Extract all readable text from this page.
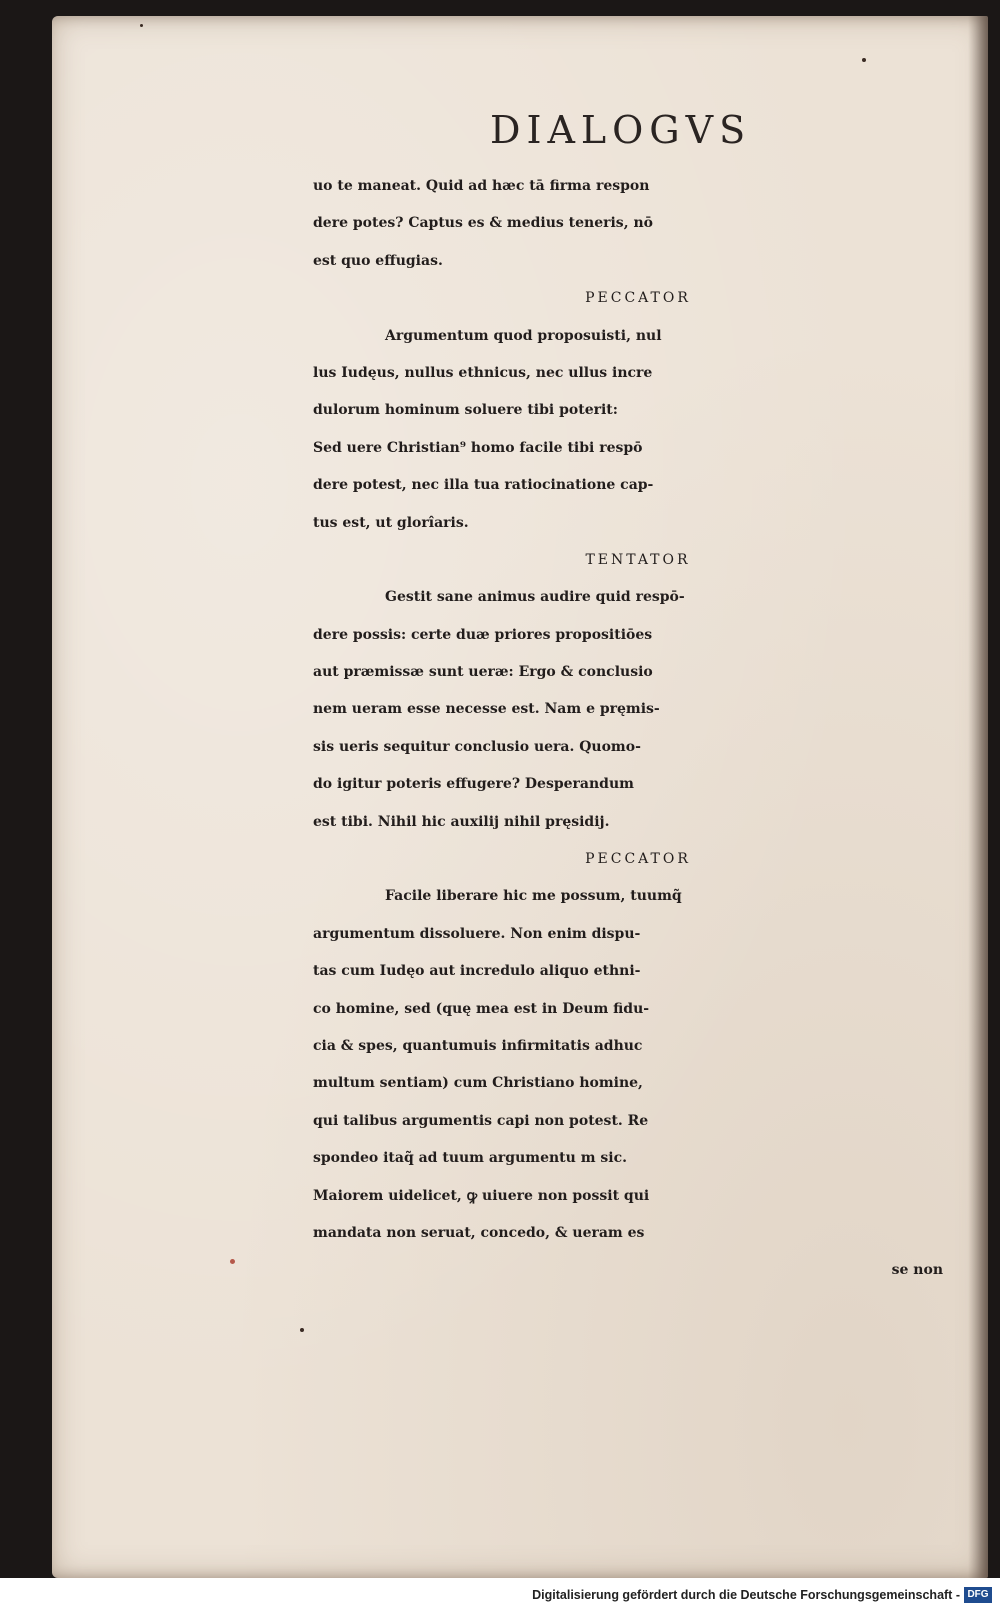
DIALOGVS
uo te maneat. Quid ad hæc tā firma respon
dere potes? Captus es & medius teneris, nō
est quo effugias.
PECCATOR
Argumentum quod proposuisti, nul
lus Iudęus, nullus ethnicus, nec ullus incre
dulorum hominum soluere tibi poterit:
Sed uere Christian⁹ homo facile tibi respō
dere potest, nec illa tua ratiocinatione cap-
tus est, ut glorîaris.
TENTATOR
Gestit sane animus audire quid respō-
dere possis: certe duæ priores propositiōes
aut præmissæ sunt ueræ: Ergo & conclusio
nem ueram esse necesse est. Nam e pręmis-
sis ueris sequitur conclusio uera. Quomo-
do igitur poteris effugere? Desperandum
est tibi. Nihil hic auxilij nihil pręsidij.
PECCATOR
Facile liberare hic me possum, tuumq̃
argumentum dissoluere. Non enim dispu-
tas cum Iudęo aut incredulo aliquo ethni-
co homine, sed (quę mea est in Deum fidu-
cia & spes, quantumuis infirmitatis adhuc
multum sentiam) cum Christiano homine,
qui talibus argumentis capi non potest. Re
spondeo itaq̃ ad tuum argumentu m sic.
Maiorem uidelicet, ꝙ uiuere non possit qui
mandata non seruat, concedo, & ueram es
se non
Digitalisierung gefördert durch die Deutsche Forschungsgemeinschaft - DFG
